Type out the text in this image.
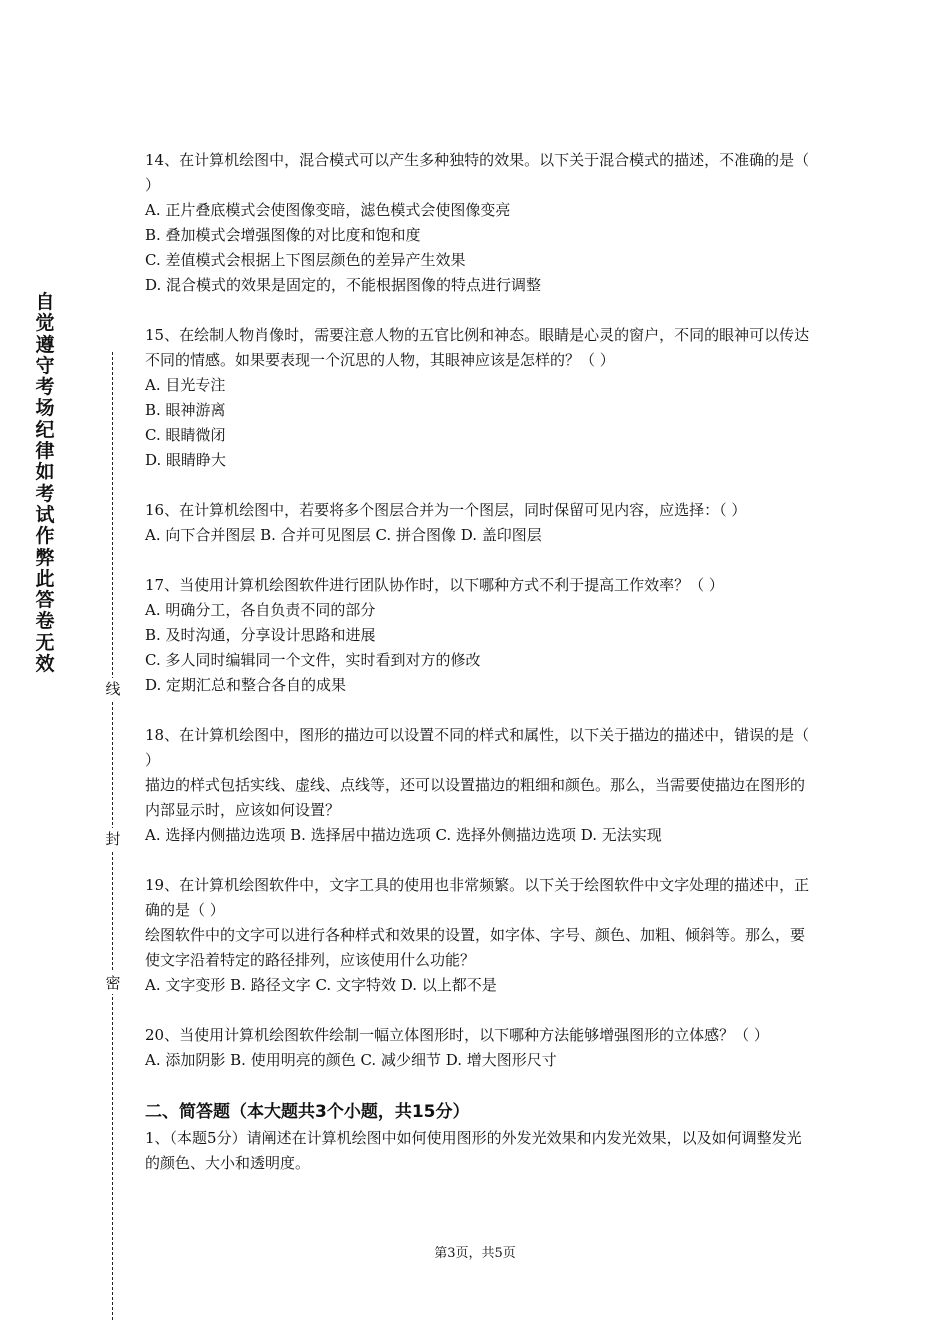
自觉遵守考场纪律如考试作弊此答卷无效
线
封
密

14、在计算机绘图中，混合模式可以产生多种独特的效果。以下关于混合模式的描述，不准确的是（ ）

A. 正片叠底模式会使图像变暗，滤色模式会使图像变亮

B. 叠加模式会增强图像的对比度和饱和度

C. 差值模式会根据上下图层颜色的差异产生效果

D. 混合模式的效果是固定的，不能根据图像的特点进行调整

15、在绘制人物肖像时，需要注意人物的五官比例和神态。眼睛是心灵的窗户，不同的眼神可以传达不同的情感。如果要表现一个沉思的人物，其眼神应该是怎样的？（ ）

A. 目光专注

B. 眼神游离

C. 眼睛微闭

D. 眼睛睁大

16、在计算机绘图中，若要将多个图层合并为一个图层，同时保留可见内容，应选择：（ ）

A. 向下合并图层 B. 合并可见图层 C. 拼合图像 D. 盖印图层

17、当使用计算机绘图软件进行团队协作时，以下哪种方式不利于提高工作效率？（ ）

A. 明确分工，各自负责不同的部分

B. 及时沟通，分享设计思路和进展

C. 多人同时编辑同一个文件，实时看到对方的修改

D. 定期汇总和整合各自的成果

18、在计算机绘图中，图形的描边可以设置不同的样式和属性，以下关于描边的描述中，错误的是（ ）

描边的样式包括实线、虚线、点线等，还可以设置描边的粗细和颜色。那么，当需要使描边在图形的内部显示时，应该如何设置？

A. 选择内侧描边选项 B. 选择居中描边选项 C. 选择外侧描边选项 D. 无法实现

19、在计算机绘图软件中，文字工具的使用也非常频繁。以下关于绘图软件中文字处理的描述中，正确的是（ ）

绘图软件中的文字可以进行各种样式和效果的设置，如字体、字号、颜色、加粗、倾斜等。那么，要使文字沿着特定的路径排列，应该使用什么功能？

A. 文字变形 B. 路径文字 C. 文字特效 D. 以上都不是

20、当使用计算机绘图软件绘制一幅立体图形时，以下哪种方法能够增强图形的立体感？（ ）

A. 添加阴影 B. 使用明亮的颜色 C. 减少细节 D. 增大图形尺寸

二、简答题（本大题共3个小题，共15分）

1、（本题5分）请阐述在计算机绘图中如何使用图形的外发光效果和内发光效果，以及如何调整发光的颜色、大小和透明度。

第3页，共5页
